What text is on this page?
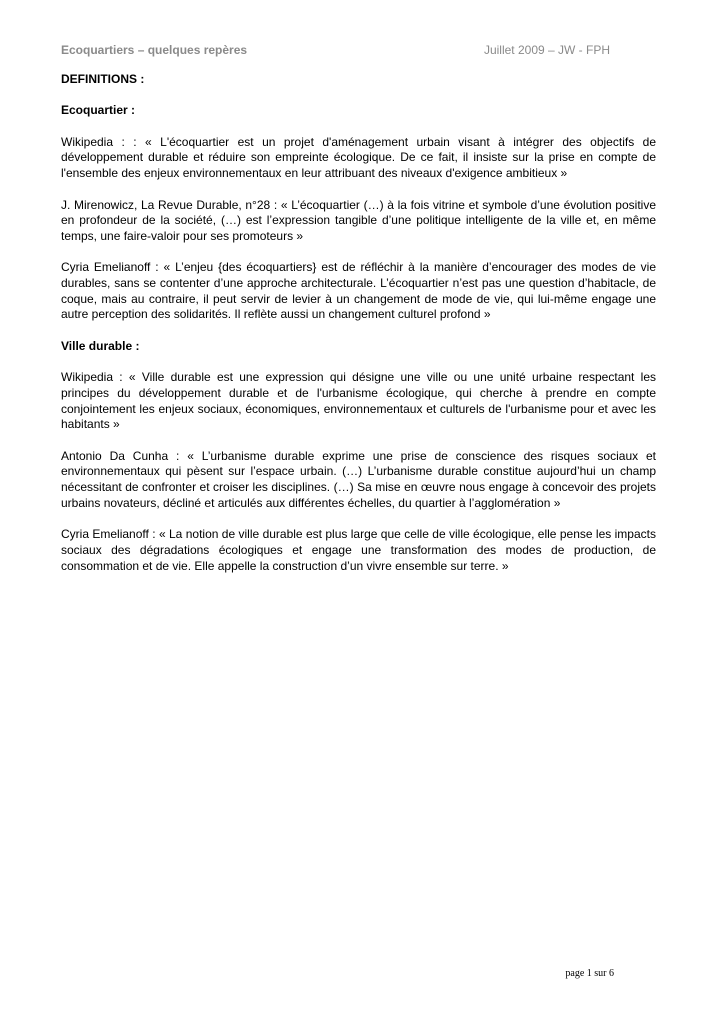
Ecoquartiers – quelques repères	Juillet 2009 – JW - FPH

DEFINITIONS :

Ecoquartier :

Wikipedia : : « L'écoquartier est un projet d'aménagement urbain visant à intégrer des objectifs de développement durable et réduire son empreinte écologique. De ce fait, il insiste sur la prise en compte de l'ensemble des enjeux environnementaux en leur attribuant des niveaux d'exigence ambitieux »

J. Mirenowicz, La Revue Durable, n°28 : « L’écoquartier (…) à la fois vitrine et symbole d’une évolution positive en profondeur de la société, (…) est l’expression tangible d’une politique intelligente de la ville et, en même temps, une faire-valoir pour ses promoteurs »

Cyria Emelianoff : « L’enjeu {des écoquartiers} est de réfléchir à la manière d’encourager des modes de vie durables, sans se contenter d’une approche architecturale. L’écoquartier n’est pas une question d’habitacle, de coque, mais au contraire, il peut servir de levier à un changement de mode de vie, qui lui-même engage une autre perception des solidarités. Il reflète aussi un changement culturel profond »

Ville durable :

Wikipedia : « Ville durable est une expression qui désigne une ville ou une unité urbaine respectant les principes du développement durable et de l'urbanisme écologique, qui cherche à prendre en compte conjointement les enjeux sociaux, économiques, environnementaux et culturels de l'urbanisme pour et avec les habitants »

Antonio Da Cunha : « L’urbanisme durable exprime une prise de conscience des risques sociaux et environnementaux qui pèsent sur l’espace urbain. (…) L’urbanisme durable constitue aujourd’hui un champ nécessitant de confronter et croiser les disciplines. (…) Sa mise en œuvre nous engage à concevoir des projets urbains novateurs, décliné et articulés aux différentes échelles, du quartier à l’agglomération »

Cyria Emelianoff : « La notion de ville durable est plus large que celle de ville écologique, elle pense les impacts sociaux des dégradations écologiques et engage une transformation des modes de production, de consommation et de vie. Elle appelle la construction d’un vivre ensemble sur terre. »

page 1 sur 6
